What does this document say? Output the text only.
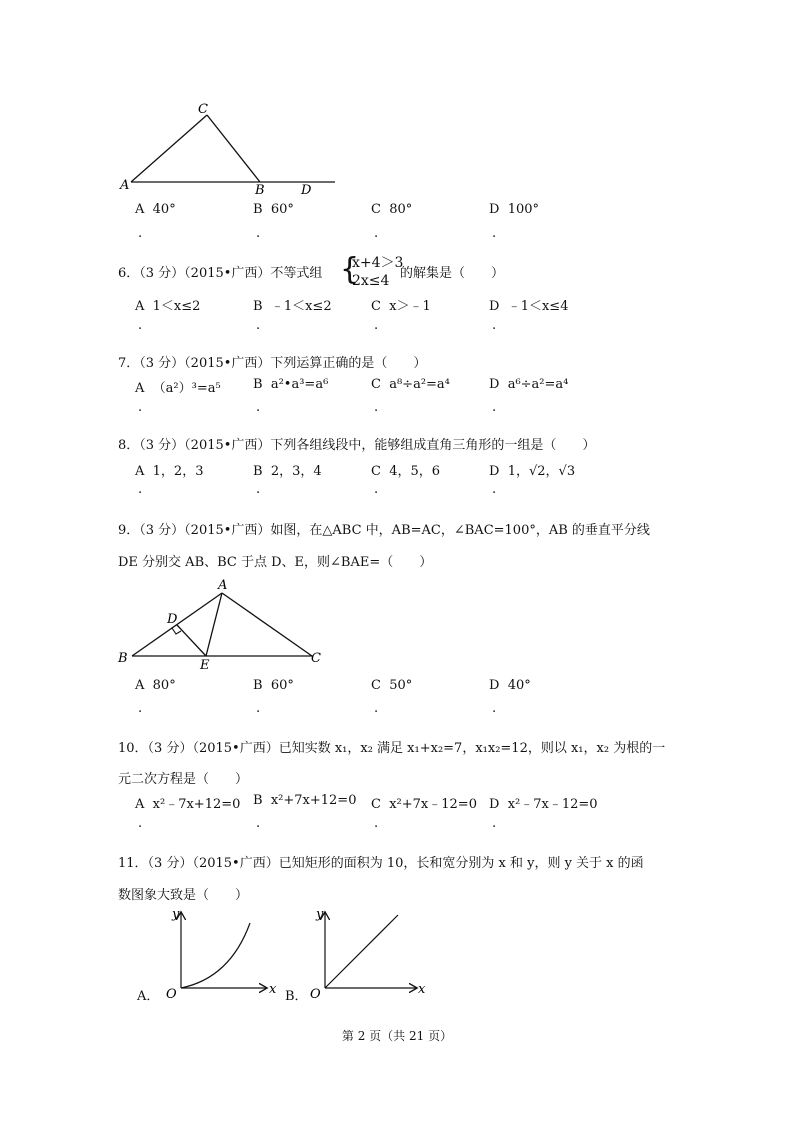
C
A	B	D
A 40°	B 60°	C 80°	D 100°
.	.	.	.
6．（3 分）（2015•广西）不等式组 {
x+4＞3
2x≤4 的解集是（　　）
A 1＜x≤2	B ﹣1＜x≤2	C x＞﹣1	D ﹣1＜x≤4
.	.	.	.
7．（3 分）（2015•广西）下列运算正确的是（　　）
A （a²）³=a⁵ B a²•a³=a⁶	C a⁸÷a²=a⁴	D a⁶÷a²=a⁴
.	.	.	.
8．（3 分）（2015•广西）下列各组线段中，能够组成直角三角形的一组是（　　）
A 1，2，3	B 2，3，4	C 4，5，6	D 1，√2，√3
.	.	.	.
9．（3 分）（2015•广西）如图，在△ABC 中，AB=AC，∠BAC=100°，AB 的垂直平分线
DE 分别交 AB、BC 于点 D、E，则∠BAE=（　　）
A
D
B	E	C
A 80°	B 60°	C 50°	D 40°
.	.	.	.
10．（3 分）（2015•广西）已知实数 x₁，x₂ 满足 x₁+x₂=7，x₁x₂=12，则以 x₁，x₂ 为根的一
元二次方程是（　　）
A x²﹣7x+12=0 B x²+7x+12=0 C x²+7x﹣12=0 D x²﹣7x﹣12=0
.	.	.	.
11．（3 分）（2015•广西）已知矩形的面积为 10，长和宽分别为 x 和 y，则 y 关于 x 的函
数图象大致是（　　）
A．
y
x
O	B．
y
x
O
第 2 页（共 21 页）
